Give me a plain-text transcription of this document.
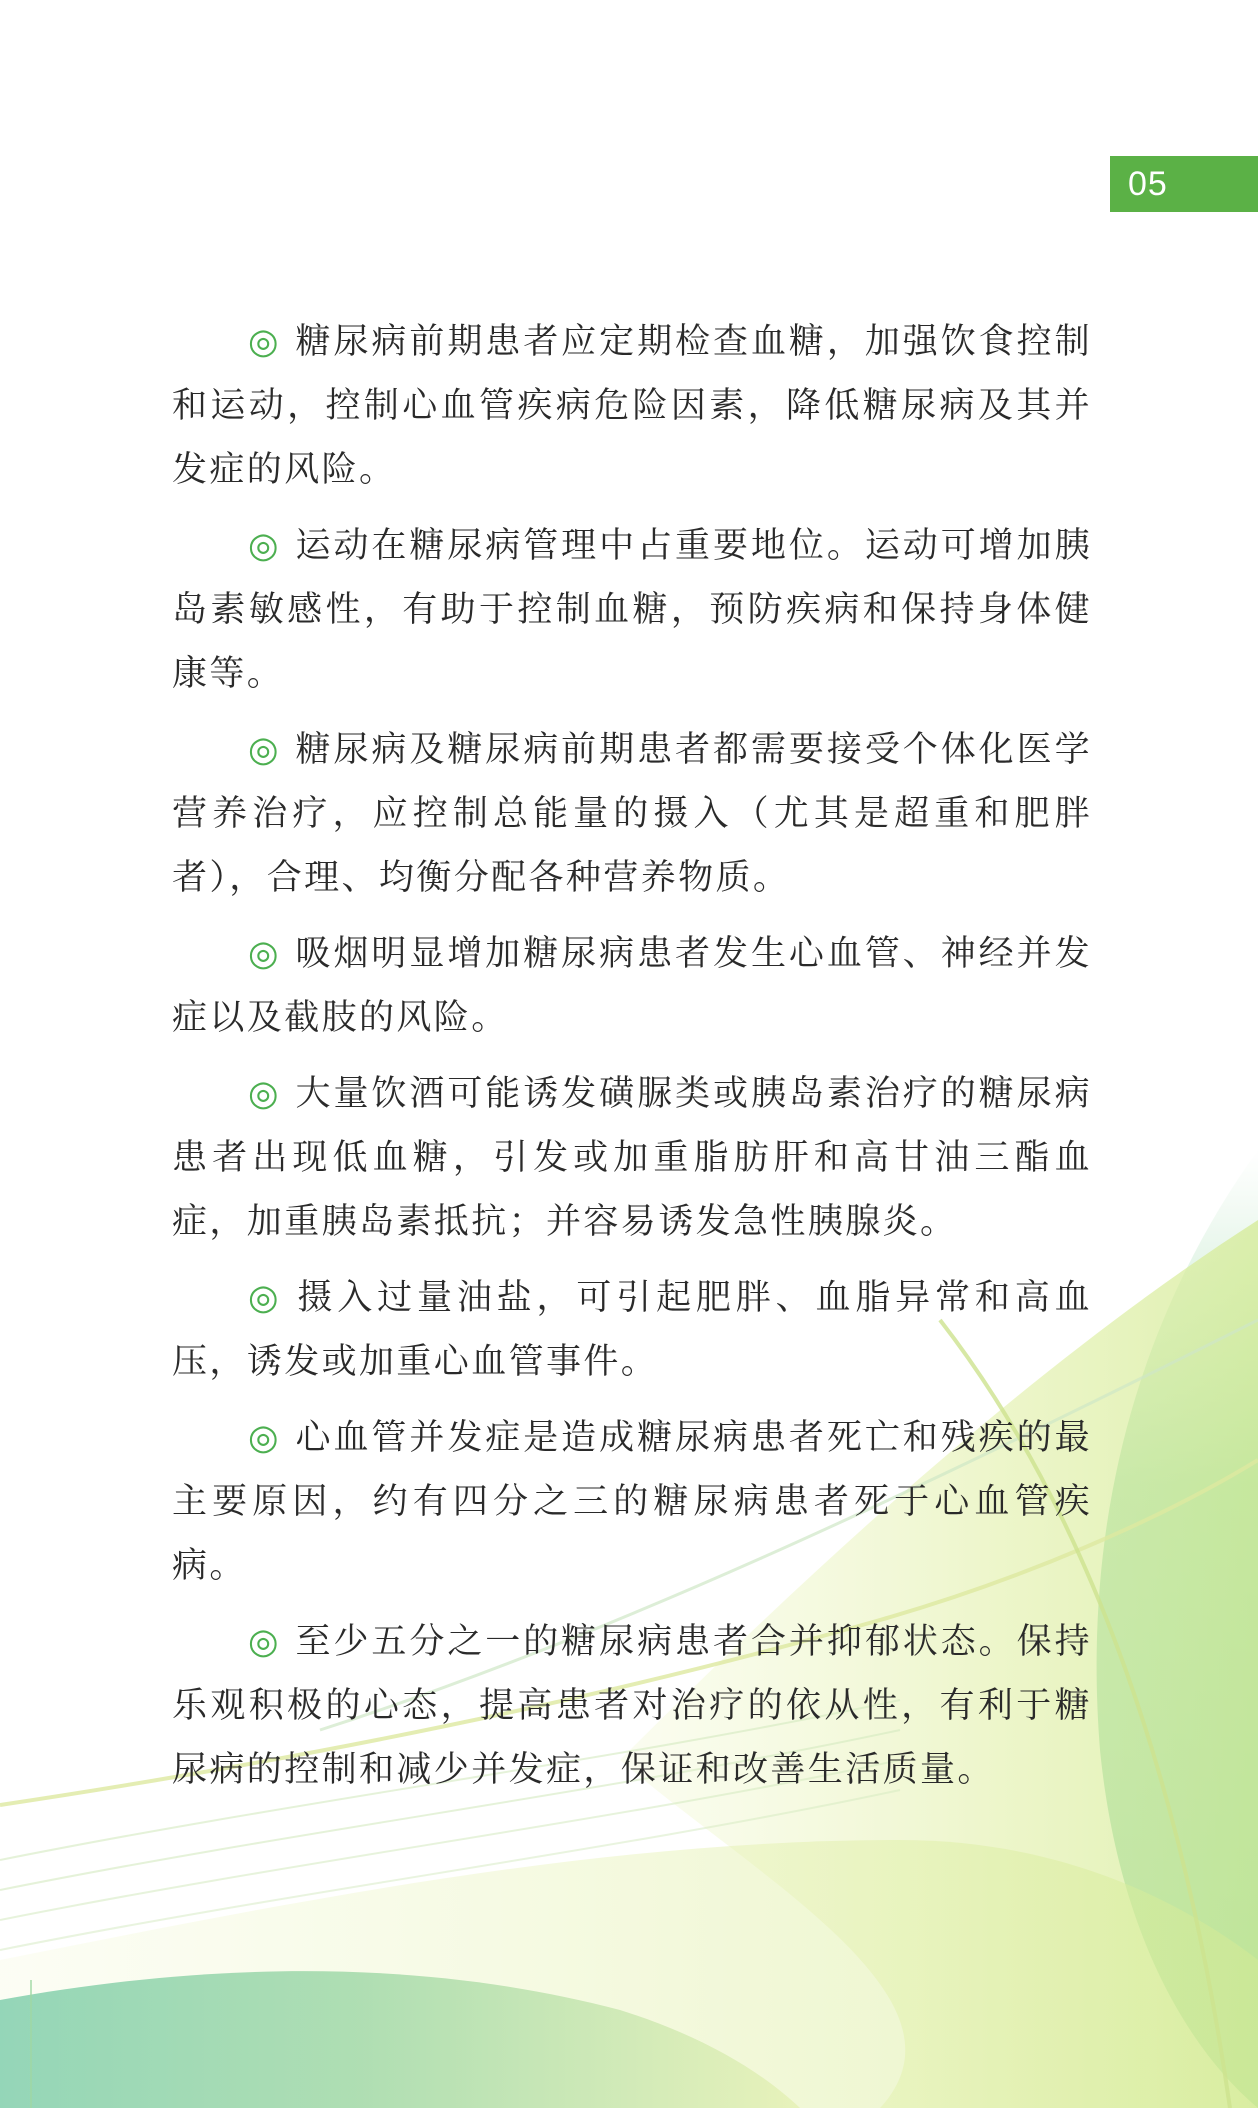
05

◎ 糖尿病前期患者应定期检查血糖，加强饮食控制和运动，控制心血管疾病危险因素，降低糖尿病及其并发症的风险。

◎ 运动在糖尿病管理中占重要地位。运动可增加胰岛素敏感性，有助于控制血糖，预防疾病和保持身体健康等。

◎ 糖尿病及糖尿病前期患者都需要接受个体化医学营养治疗，应控制总能量的摄入（尤其是超重和肥胖者），合理、均衡分配各种营养物质。

◎ 吸烟明显增加糖尿病患者发生心血管、神经并发症以及截肢的风险。

◎ 大量饮酒可能诱发磺脲类或胰岛素治疗的糖尿病患者出现低血糖，引发或加重脂肪肝和高甘油三酯血症，加重胰岛素抵抗；并容易诱发急性胰腺炎。

◎ 摄入过量油盐，可引起肥胖、血脂异常和高血压，诱发或加重心血管事件。

◎ 心血管并发症是造成糖尿病患者死亡和残疾的最主要原因，约有四分之三的糖尿病患者死于心血管疾病。

◎ 至少五分之一的糖尿病患者合并抑郁状态。保持乐观积极的心态，提高患者对治疗的依从性，有利于糖尿病的控制和减少并发症，保证和改善生活质量。
